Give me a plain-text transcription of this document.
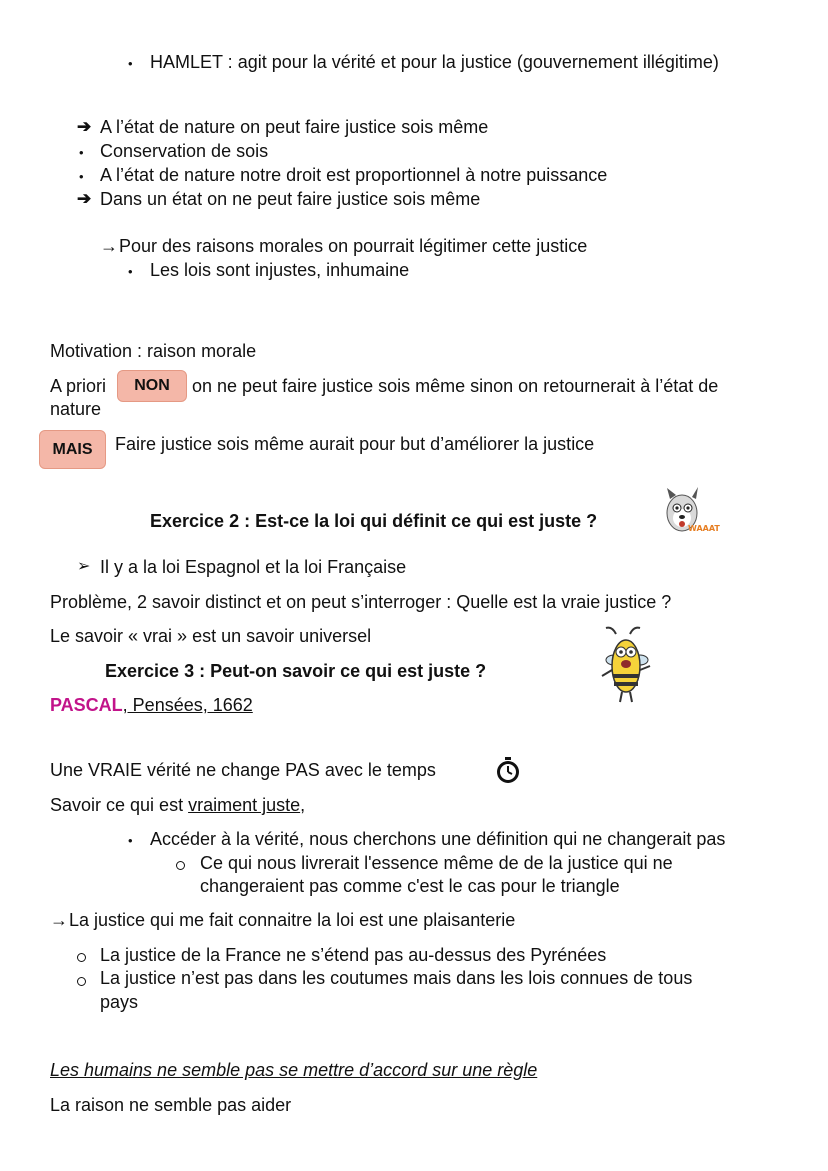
• HAMLET : agit pour la vérité et pour la justice (gouvernement illégitime)
➔ A l’état de nature on peut faire justice sois même
• Conservation de sois
• A l’état de nature notre droit est proportionnel à notre puissance
➔ Dans un état on ne peut faire justice sois même
→ Pour des raisons morales on pourrait légitimer cette justice
• Les lois sont injustes, inhumaine
Motivation : raison morale
A priori NON on ne peut faire justice sois même sinon on retournerait à l’état de
nature
MAIS Faire justice sois même aurait pour but d’améliorer la justice
Exercice 2 : Est-ce la loi qui définit ce qui est juste ?	WAAAT
➢ Il y a la loi Espagnol et la loi Française
Problème, 2 savoir distinct et on peut s’interroger : Quelle est la vraie justice ?
Le savoir « vrai » est un savoir universel
Exercice 3 : Peut-on savoir ce qui est juste ?
PASCAL, Pensées, 1662
Une VRAIE vérité ne change PAS avec le temps
Savoir ce qui est vraiment juste,
• Accéder à la vérité, nous cherchons une définition qui ne changerait pas
Ce qui nous livrerait l'essence même de de la justice qui ne
changeraient pas comme c'est le cas pour le triangle
→ La justice qui me fait connaitre la loi est une plaisanterie
La justice de la France ne s’étend pas au-dessus des Pyrénées
La justice n’est pas dans les coutumes mais dans les lois connues de tous
pays
Les humains ne semble pas se mettre d’accord sur une règle
La raison ne semble pas aider
